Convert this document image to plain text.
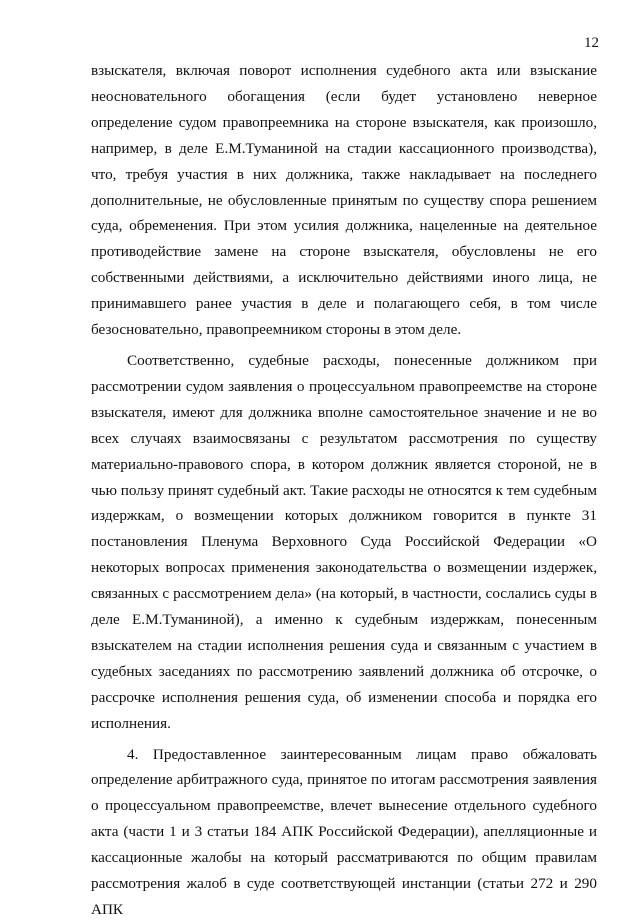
12

взыскателя, включая поворот исполнения судебного акта или взыскание неосновательного обогащения (если будет установлено неверное определение судом правопреемника на стороне взыскателя, как произошло, например, в деле Е.М.Туманиной на стадии кассационного производства), что, требуя участия в них должника, также накладывает на последнего дополнительные, не обусловленные принятым по существу спора решением суда, обременения. При этом усилия должника, нацеленные на деятельное противодействие замене на стороне взыскателя, обусловлены не его собственными действиями, а исключительно действиями иного лица, не принимавшего ранее участия в деле и полагающего себя, в том числе безосновательно, правопреемником стороны в этом деле.

Соответственно, судебные расходы, понесенные должником при рассмотрении судом заявления о процессуальном правопреемстве на стороне взыскателя, имеют для должника вполне самостоятельное значение и не во всех случаях взаимосвязаны с результатом рассмотрения по существу материально-правового спора, в котором должник является стороной, не в чью пользу принят судебный акт. Такие расходы не относятся к тем судебным издержкам, о возмещении которых должником говорится в пункте 31 постановления Пленума Верховного Суда Российской Федерации «О некоторых вопросах применения законодательства о возмещении издержек, связанных с рассмотрением дела» (на который, в частности, сослались суды в деле Е.М.Туманиной), а именно к судебным издержкам, понесенным взыскателем на стадии исполнения решения суда и связанным с участием в судебных заседаниях по рассмотрению заявлений должника об отсрочке, о рассрочке исполнения решения суда, об изменении способа и порядка его исполнения.

4. Предоставленное заинтересованным лицам право обжаловать определение арбитражного суда, принятое по итогам рассмотрения заявления о процессуальном правопреемстве, влечет вынесение отдельного судебного акта (части 1 и 3 статьи 184 АПК Российской Федерации), апелляционные и кассационные жалобы на который рассматриваются по общим правилам рассмотрения жалоб в суде соответствующей инстанции (статьи 272 и 290 АПК
